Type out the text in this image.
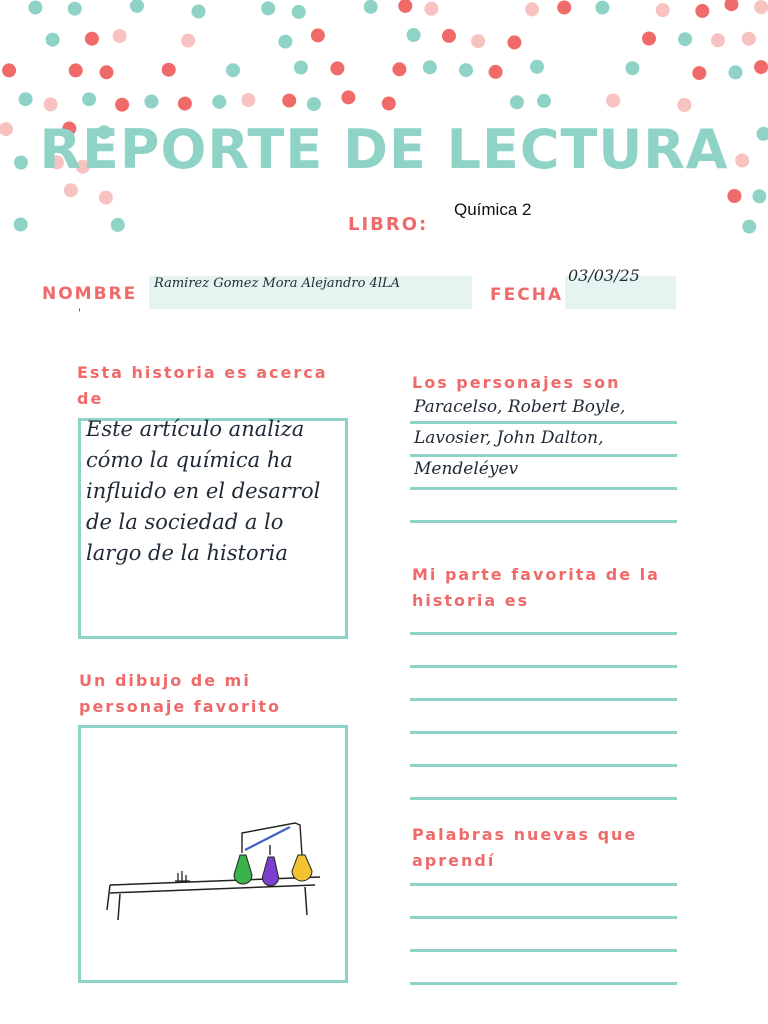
REPORTE DE LECTURA
LIBRO:
Química 2
NOMBRE
Ramirez Gomez Mora Alejandro 4lLA
'
FECHA
03/03/25
Esta historia es acerca de
Este artículo analiza
cómo la química ha
influido en el desarrol
de la sociedad a lo
largo de la historia
Los personajes son
Paracelso, Robert Boyle,
Lavosier, John Dalton,
Mendeléyev
Mi parte favorita de la historia es
Un dibujo de mi personaje favorito
Palabras nuevas que aprendí
